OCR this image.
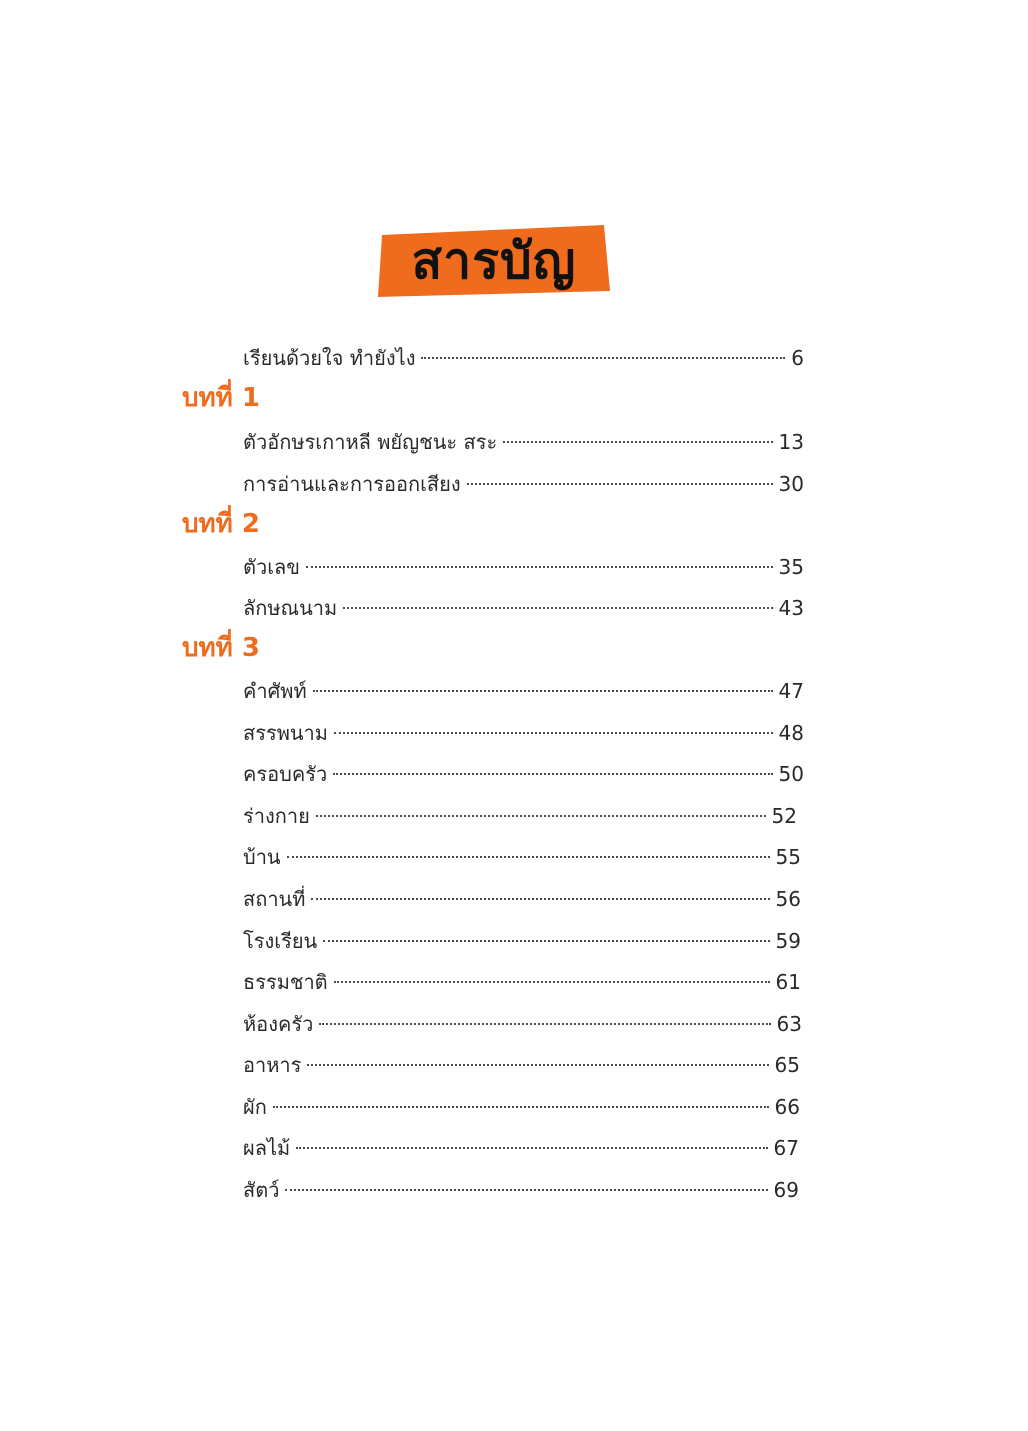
สารบัญ
เรียนด้วยใจ ทำยังไง	6
บทที่ 1
ตัวอักษรเกาหลี พยัญชนะ สระ	13
การอ่านและการออกเสียง	30
บทที่ 2
ตัวเลข	35
ลักษณนาม	43
บทที่ 3
คำศัพท์	47
สรรพนาม	48
ครอบครัว	50
ร่างกาย	52
บ้าน	55
สถานที่	56
โรงเรียน	59
ธรรมชาติ	61
ห้องครัว	63
อาหาร	65
ผัก	66
ผลไม้	67
สัตว์	69
